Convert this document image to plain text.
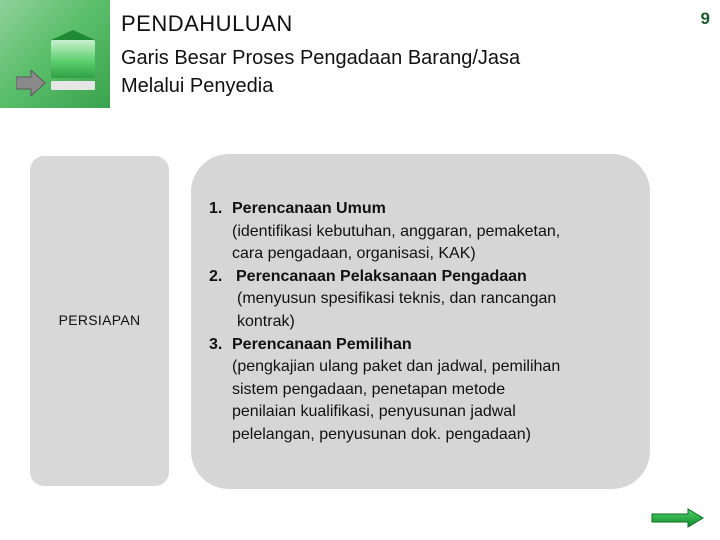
PENDAHULUAN	9
Garis Besar Proses Pengadaan Barang/Jasa
Melalui Penyedia
PERSIAPAN
1. Perencanaan Umum
(identifikasi kebutuhan, anggaran, pemaketan,
cara pengadaan, organisasi, KAK)
2. Perencanaan Pelaksanaan Pengadaan
(menyusun spesifikasi teknis, dan rancangan
kontrak)
3. Perencanaan Pemilihan
(pengkajian ulang paket dan jadwal, pemilihan
sistem pengadaan, penetapan metode
penilaian kualifikasi, penyusunan jadwal
pelelangan, penyusunan dok. pengadaan)
